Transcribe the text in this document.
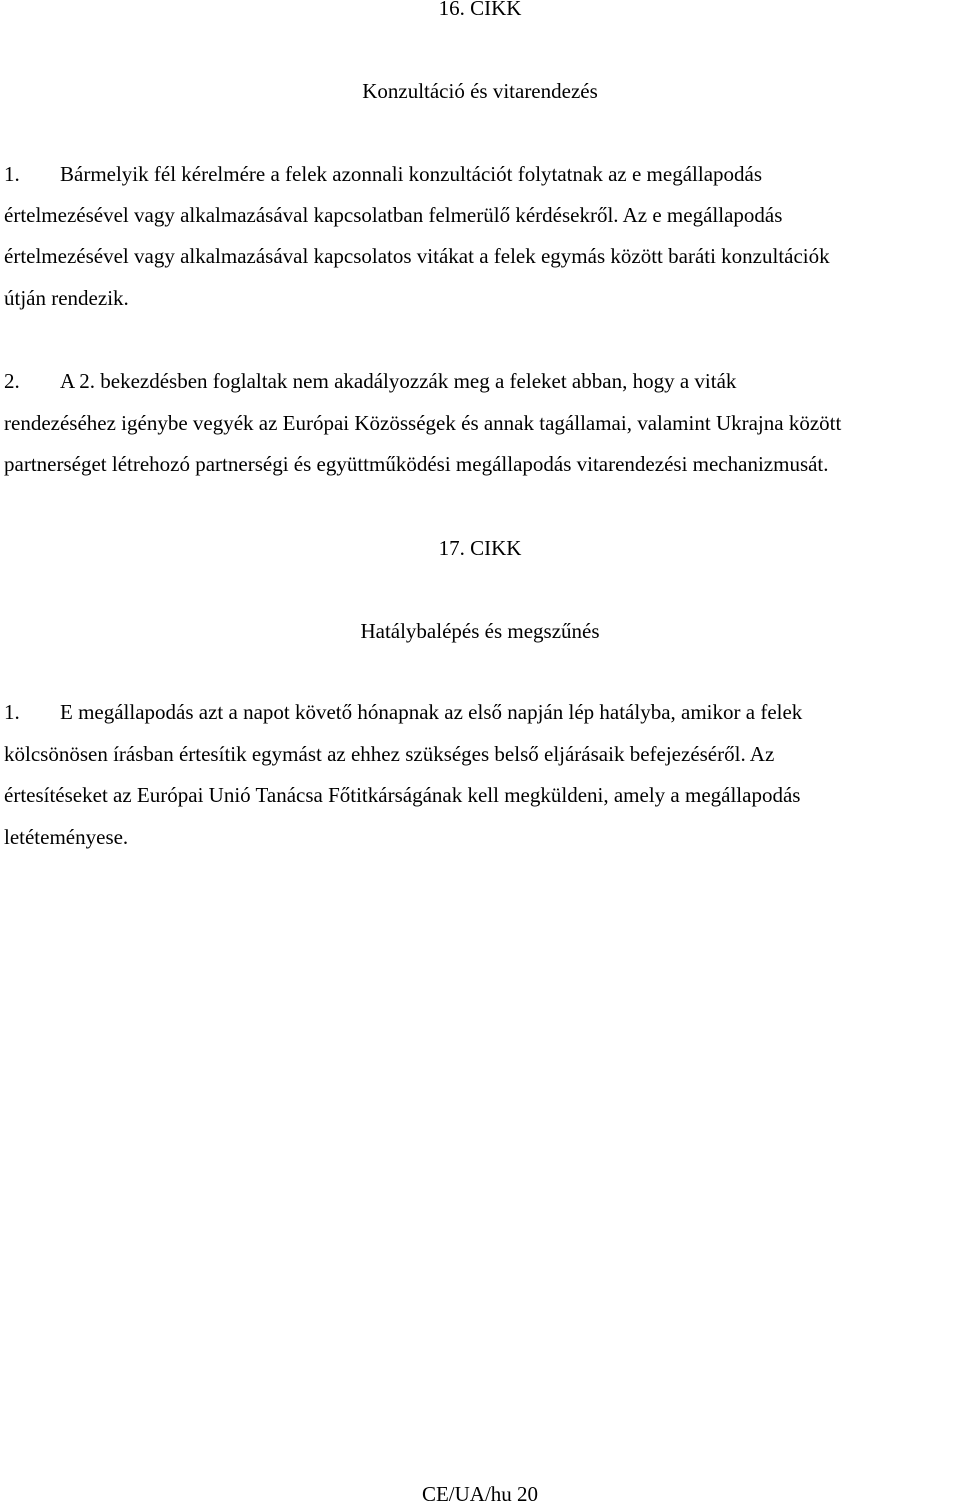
16. CIKK
Konzultáció és vitarendezés
1. Bármelyik fél kérelmére a felek azonnali konzultációt folytatnak az e megállapodás
értelmezésével vagy alkalmazásával kapcsolatban felmerülő kérdésekről. Az e megállapodás
értelmezésével vagy alkalmazásával kapcsolatos vitákat a felek egymás között baráti konzultációk
útján rendezik.
2. A 2. bekezdésben foglaltak nem akadályozzák meg a feleket abban, hogy a viták
rendezéséhez igénybe vegyék az Európai Közösségek és annak tagállamai, valamint Ukrajna között
partnerséget létrehozó partnerségi és együttműködési megállapodás vitarendezési mechanizmusát.
17. CIKK
Hatálybalépés és megszűnés
1. E megállapodás azt a napot követő hónapnak az első napján lép hatályba, amikor a felek
kölcsönösen írásban értesítik egymást az ehhez szükséges belső eljárásaik befejezéséről. Az
értesítéseket az Európai Unió Tanácsa Főtitkárságának kell megküldeni, amely a megállapodás
letéteményese.
CE/UA/hu 20
